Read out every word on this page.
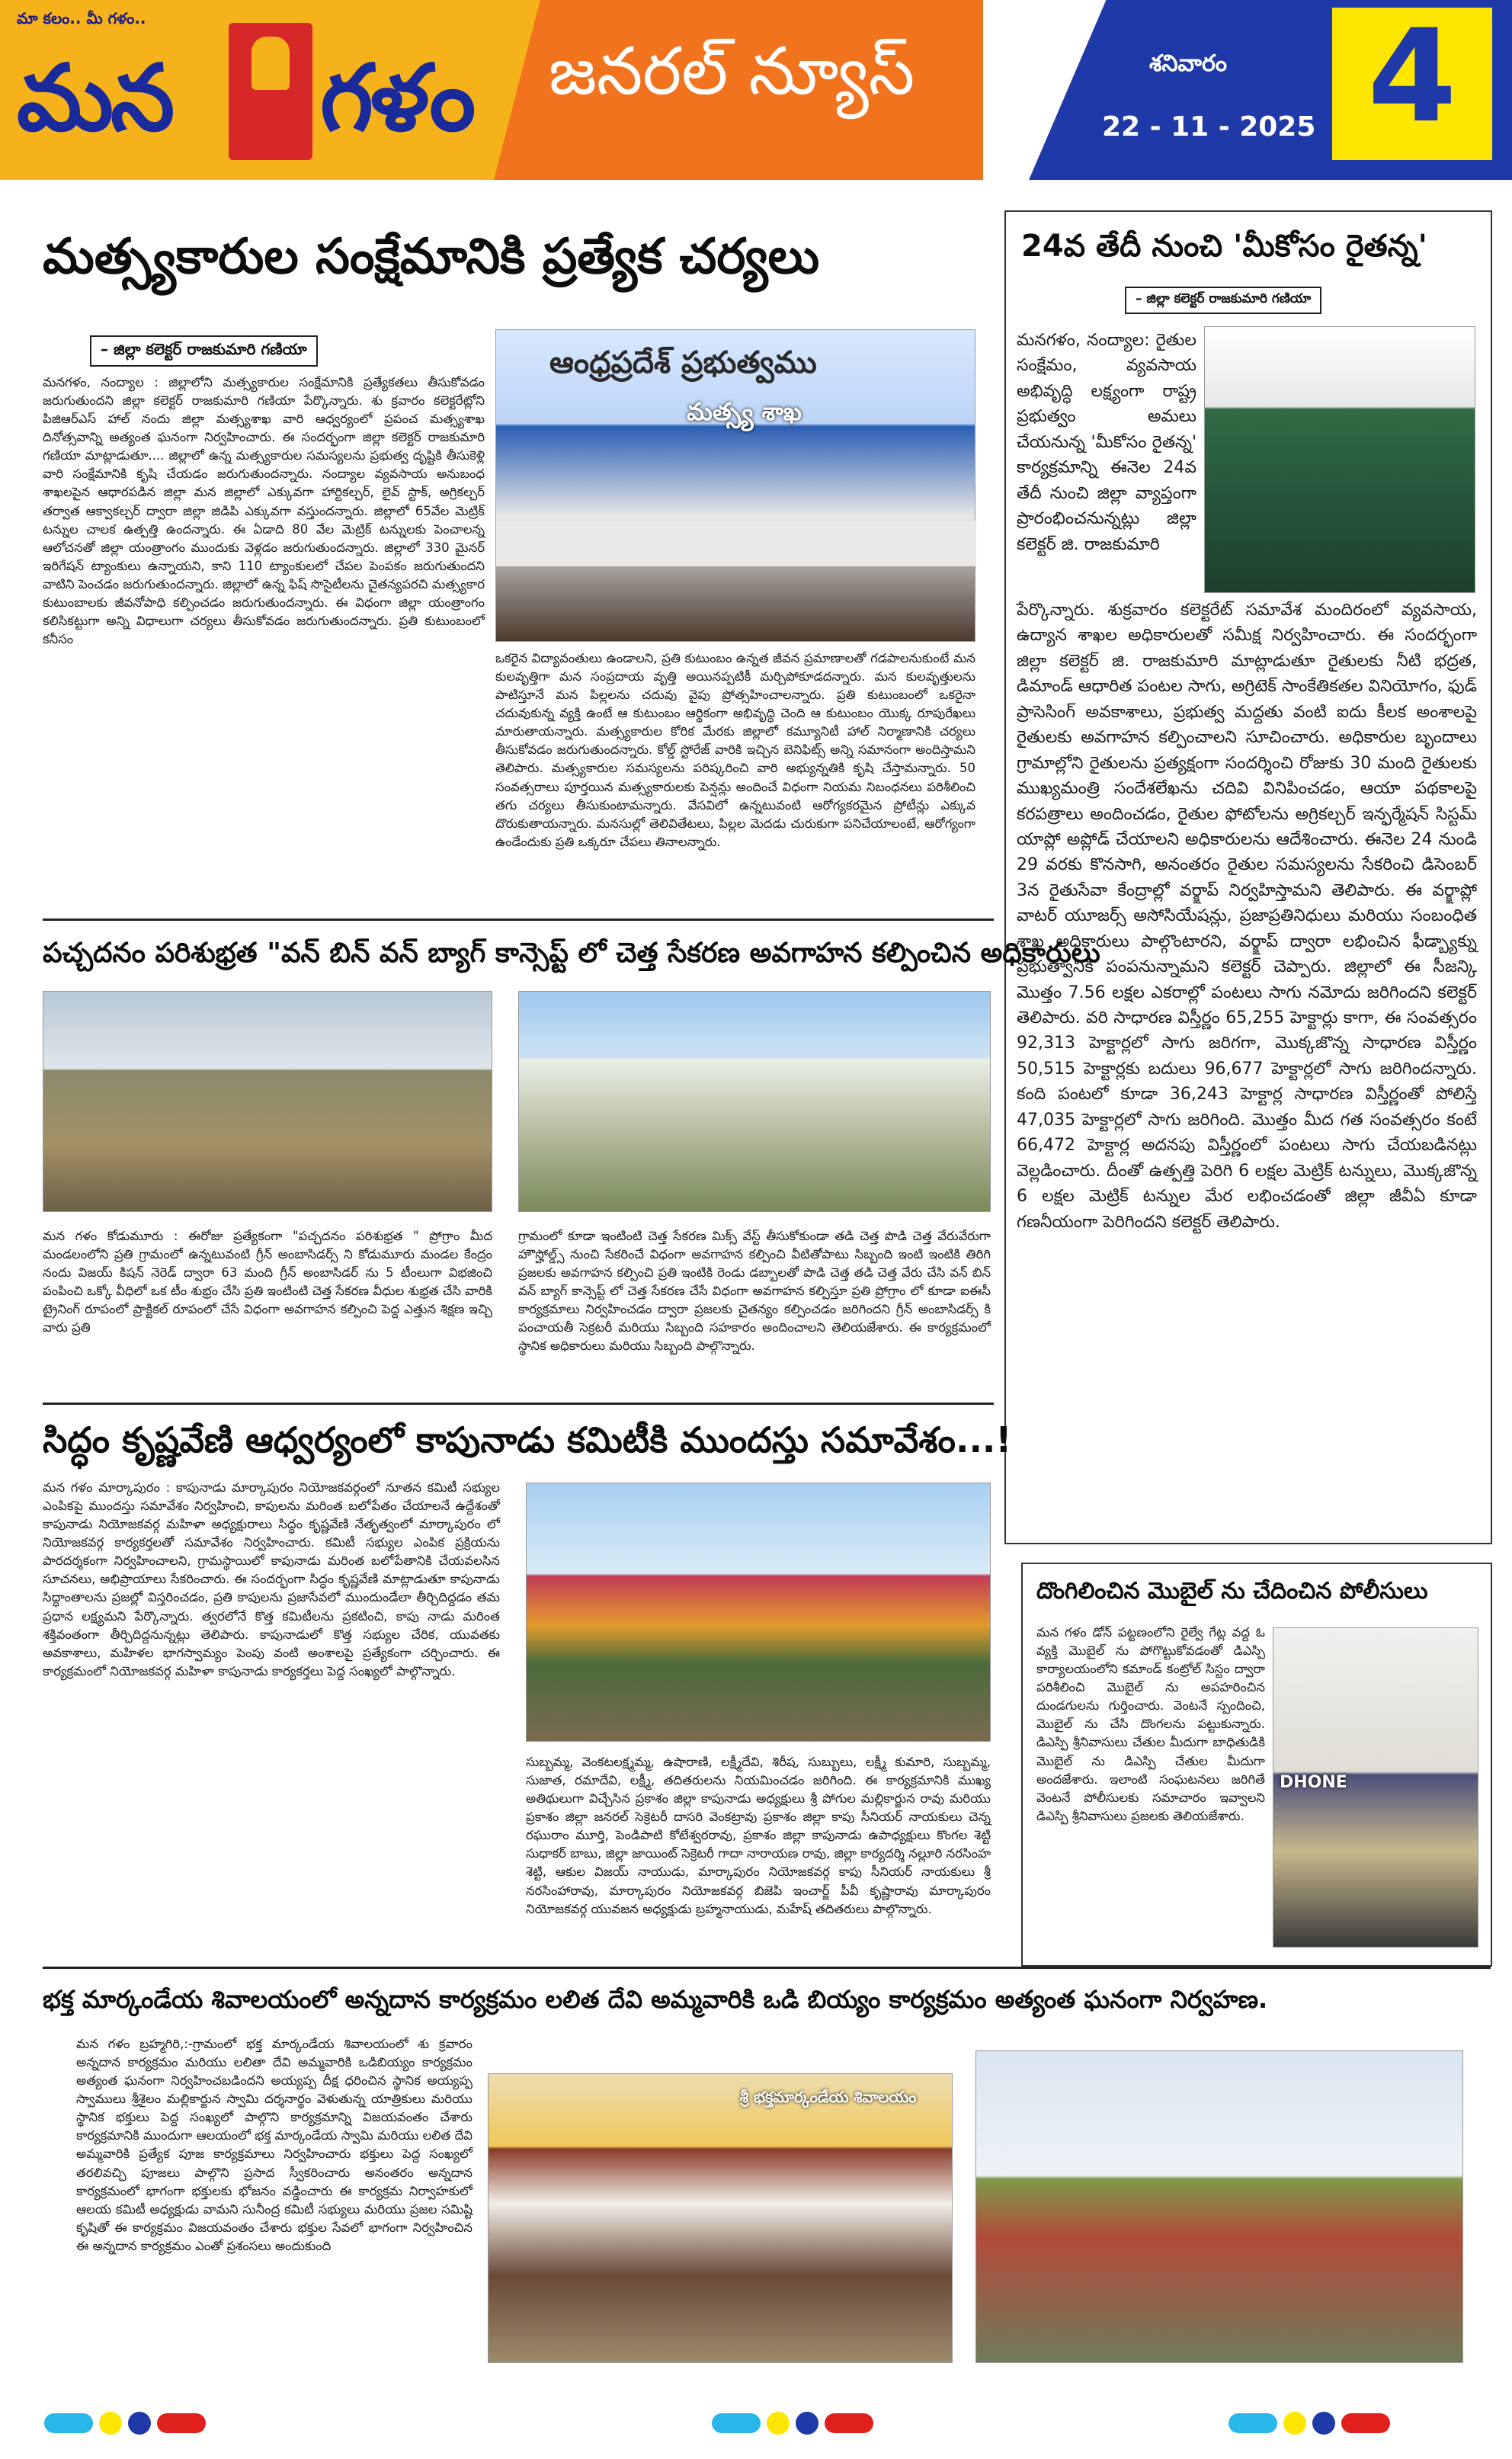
మా కలం.. మీ గళం..
మన గళం జనరల్ న్యూస్	శనివారం
22 - 11 - 2025 4
మత్స్యకారుల సంక్షేమానికి ప్రత్యేక చర్యలు
– జిల్లా కలెక్టర్ రాజకుమారి గణియా	ఆంధ్రప్రదేశ్ ప్రభుత్వము
మత్స్య శాఖ
మనగళం, నంద్యాల : జిల్లాలోని మత్స్యకారుల సంక్షేమానికి ప్రత్యేకతలు తీసుకోవడం జరుగుతుందని జిల్లా కలెక్టర్ రాజకుమారి గణియా పేర్కొన్నారు. శు క్రవారం కలెక్టరేట్లోని పిజిఆర్ఎస్ హాల్ నందు జిల్లా మత్స్యశాఖ వారి ఆధ్వర్యంలో ప్రపంచ మత్స్యశాఖ దినోత్సవాన్ని అత్యంత ఘనంగా నిర్వహించారు. ఈ సందర్భంగా జిల్లా కలెక్టర్ రాజకుమారి గణియా మాట్లాడుతూ.... జిల్లాలో ఉన్న మత్స్యకారుల సమస్యలను ప్రభుత్వ దృష్టికి తీసుకెళ్లి వారి సంక్షేమానికి కృషి చేయడం జరుగుతుందన్నారు. నంద్యాల వ్యవసాయ అనుబంధ శాఖలపైన ఆధారపడిన జిల్లా మన జిల్లాలో ఎక్కువగా హార్టికల్చర్, లైవ్ స్టాక్, అగ్రికల్చర్ తర్వాత ఆక్వాకల్చర్ ద్వారా జిల్లా జిడిపి ఎక్కువగా వస్తుందన్నారు. జిల్లాలో 65వేల మెట్రిక్ టన్నుల చాలక ఉత్పత్తి ఉందన్నారు. ఈ ఏడాది 80 వేల మెట్రిక్ టన్నులకు పెంచాలన్న ఆలోచనతో జిల్లా యంత్రాంగం ముందుకు వెళ్లడం జరుగుతుందన్నారు. జిల్లాలో 330 మైనర్ ఇరిగేషన్ ట్యాంకులు ఉన్నాయని, కాని 110 ట్యాంకులలో చేపల పెంపకం జరుగుతుందని వాటిని పెంచడం జరుగుతుందన్నారు. జిల్లాలో ఉన్న ఫిష్ సొసైటీలను చైతన్యపరచి మత్స్యకార కుటుంబాలకు జీవనోపాధి కల్పించడం జరుగుతుందన్నారు. ఈ విధంగా జిల్లా యంత్రాంగం కలిసికట్టుగా అన్ని విధాలుగా చర్యలు తీసుకోవడం జరుగుతుందన్నారు. ప్రతి కుటుంబంలో కనీసం
ఒకరైన విద్యావంతులు ఉండాలని, ప్రతి కుటుంబం ఉన్నత జీవన ప్రమాణాలతో గడపాలనుకుంటే మన కులవృత్తిగా మన సంప్రదాయ వృత్తి అయినప్పటికీ మర్చిపోకూడదన్నారు. మన కులవృత్తులను పాటిస్తూనే మన పిల్లలను చదువు వైపు ప్రోత్సహించాలన్నారు. ప్రతి కుటుంబంలో ఒకరైనా చదువుకున్న వ్యక్తి ఉంటే ఆ కుటుంబం ఆర్థికంగా అభివృద్ధి చెంది ఆ కుటుంబం యొక్క రూపురేఖలు మారుతాయన్నారు. మత్స్యకారుల కోరిక మేరకు జిల్లాలో కమ్యూనిటీ హాల్ నిర్మాణానికి చర్యలు తీసుకోవడం జరుగుతుందన్నారు. కోల్డ్ స్టోరేజ్ వారికి ఇచ్చిన బెనిఫిట్స్ అన్ని సమానంగా అందిస్తామని తెలిపారు. మత్స్యకారుల సమస్యలను పరిష్కరించి వారి అభ్యున్నతికి కృషి చేస్తామన్నారు. 50 సంవత్సరాలు పూర్తయిన మత్స్యకారులకు పెన్షన్లు అందించే విధంగా నియమ నిబంధనలు పరిశీలించి తగు చర్యలు తీసుకుంటామన్నారు. వేసవిలో ఉన్నటువంటి ఆరోగ్యకరమైన ప్రోటీన్లు ఎక్కువ దొరుకుతాయన్నారు. మనసుల్లో తెలివితేటలు, పిల్లల మెదడు చురుకుగా పనిచేయాలంటే, ఆరోగ్యంగా ఉండేందుకు ప్రతి ఒక్కరూ చేపలు తినాలన్నారు.
24వ తేదీ నుంచి 'మీకోసం రైతన్న'
– జిల్లా కలెక్టర్ రాజకుమారి గణియా
మనగళం, నంద్యాల: రైతుల సంక్షేమం, వ్యవసాయ అభివృద్ధి లక్ష్యంగా రాష్ట్ర ప్రభుత్వం అమలు చేయనున్న 'మీకోసం రైతన్న' కార్యక్రమాన్ని ఈనెల 24వ తేదీ నుంచి జిల్లా వ్యాప్తంగా ప్రారంభించనున్నట్లు జిల్లా కలెక్టర్ జి. రాజకుమారి
పేర్కొన్నారు. శుక్రవారం కలెక్టరేట్ సమావేశ మందిరంలో వ్యవసాయ, ఉద్యాన శాఖల అధికారులతో సమీక్ష నిర్వహించారు. ఈ సందర్భంగా జిల్లా కలెక్టర్ జి. రాజకుమారి మాట్లాడుతూ రైతులకు నీటి భద్రత, డిమాండ్ ఆధారిత పంటల సాగు, అగ్రిటెక్ సాంకేతికతల వినియోగం, ఫుడ్ ప్రాసెసింగ్ అవకాశాలు, ప్రభుత్వ మద్దతు వంటి ఐదు కీలక అంశాలపై రైతులకు అవగాహన కల్పించాలని సూచించారు. అధికారుల బృందాలు గ్రామాల్లోని రైతులను ప్రత్యక్షంగా సందర్శించి రోజుకు 30 మంది రైతులకు ముఖ్యమంత్రి సందేశలేఖను చదివి వినిపించడం, ఆయా పథకాలపై కరపత్రాలు అందించడం, రైతుల ఫోటోలను అగ్రికల్చర్ ఇన్ఫర్మేషన్ సిస్టమ్ యాప్లో అప్లోడ్ చేయాలని అధికారులను ఆదేశించారు. ఈనెల 24 నుండి 29 వరకు కొనసాగి, అనంతరం రైతుల సమస్యలను సేకరించి డిసెంబర్ 3న రైతుసేవా కేంద్రాల్లో వర్క్షాప్ నిర్వహిస్తామని తెలిపారు. ఈ వర్క్షాప్లో వాటర్ యూజర్స్ అసోసియేషన్లు, ప్రజాప్రతినిధులు మరియు సంబంధిత శాఖ అధికారులు పాల్గొంటారని, వర్క్షాప్ ద్వారా లభించిన ఫీడ్బ్యాక్ను ప్రభుత్వానికి పంపనున్నామని కలెక్టర్ చెప్పారు. జిల్లాలో ఈ సీజన్కి మొత్తం 7.56 లక్షల ఎకరాల్లో పంటలు సాగు నమోదు జరిగిందని కలెక్టర్ తెలిపారు. వరి సాధారణ విస్తీర్ణం 65,255 హెక్టార్లు కాగా, ఈ సంవత్సరం 92,313 హెక్టార్లలో సాగు జరిగగా, మొక్కజొన్న సాధారణ విస్తీర్ణం 50,515 హెక్టార్లకు బదులు 96,677 హెక్టార్లలో సాగు జరిగిందన్నారు. కంది పంటలో కూడా 36,243 హెక్టార్ల సాధారణ విస్తీర్ణంతో పోలిస్తే 47,035 హెక్టార్లలో సాగు జరిగింది. మొత్తం మీద గత సంవత్సరం కంటే 66,472 హెక్టార్ల అదనపు విస్తీర్ణంలో పంటలు సాగు చేయబడినట్లు వెల్లడించారు. దీంతో ఉత్పత్తి పెరిగి 6 లక్షల మెట్రిక్ టన్నులు, మొక్కజొన్న 6 లక్షల మెట్రిక్ టన్నుల మేర లభించడంతో జిల్లా జీవీఏ కూడా గణనీయంగా పెరిగిందని కలెక్టర్ తెలిపారు.
పచ్చదనం పరిశుభ్రత "వన్ బిన్ వన్ బ్యాగ్ కాన్సెప్ట్ లో చెత్త సేకరణ అవగాహన కల్పించిన అధికారులు
మన గళం కోడుమూరు : ఈరోజు ప్రత్యేకంగా "పచ్చదనం పరిశుభ్రత " ప్రోగ్రాం మీద మండలంలోని ప్రతి గ్రామంలో ఉన్నటువంటి గ్రీన్ అంబాసిడర్స్ ని కోడుమూరు మండల కేంద్రం నందు విజయ్ కిషన్ నెరెడ్ ద్వారా 63 మంది గ్రీన్ అంబాసిడర్ ను 5 టీంలుగా విభజించి పంపించి ఒక్కో వీధిలో ఒక టీం శుభ్రం చేసి ప్రతి ఇంటింటి చెత్త సేకరణ వీధుల శుభ్రత చేసి వారికి ట్రైనింగ్ రూపంలో ప్రాక్టికల్ రూపంలో చేసే విధంగా అవగాహన కల్పించి పెద్ద ఎత్తున శిక్షణ ఇచ్చి వారు ప్రతి
గ్రామంలో కూడా ఇంటింటి చెత్త సేకరణ మిక్స్ వేస్ట్ తీసుకోకుండా తడి చెత్త పొడి చెత్త వేరువేరుగా హౌస్హోల్డ్స్ నుంచి సేకరించే విధంగా అవగాహన కల్పించి వీటితోపాటు సిబ్బంది ఇంటి ఇంటికి తిరిగి ప్రజలకు అవగాహన కల్పించి ప్రతి ఇంటికి రెండు డబ్బాలతో పొడి చెత్త తడి చెత్త వేరు చేసి వన్ బిన్ వన్ బ్యాగ్ కాన్సెప్ట్ లో చెత్త సేకరణ చేసే విధంగా అవగాహన కల్పిస్తూ ప్రతి ప్రోగ్రాం లో కూడా ఐఈసీ కార్యక్రమాలు నిర్వహించడం ద్వారా ప్రజలకు చైతన్యం కల్పించడం జరిగిందని గ్రీన్ అంబాసిడర్స్ కి పంచాయతీ సెక్రటరీ మరియు సిబ్బంది సహకారం అందించాలని తెలియజేశారు. ఈ కార్యక్రమంలో స్థానిక అధికారులు మరియు సిబ్బంది పాల్గొన్నారు.
సిద్ధం కృష్ణవేణి ఆధ్వర్యంలో కాపునాడు కమిటీకి ముందస్తు సమావేశం...!
మన గళం మార్కాపురం : కాపునాడు మార్కాపురం నియోజకవర్గంలో నూతన కమిటీ సభ్యుల ఎంపికపై ముందస్తు సమావేశం నిర్వహించి, కాపులను మరింత బలోపేతం చేయాలనే ఉద్దేశంతో కాపునాడు నియోజకవర్గ మహిళా అధ్యక్షురాలు సిద్ధం కృష్ణవేణి నేతృత్వంలో మార్కాపురం లో నియోజకవర్గ కార్యకర్తలతో సమావేశం నిర్వహించారు. కమిటీ సభ్యుల ఎంపిక ప్రక్రియను పారదర్శకంగా నిర్వహించాలని, గ్రామస్థాయిలో కాపునాడు మరింత బలోపేతానికి చేయవలసిన సూచనలు, అభిప్రాయాలు సేకరించారు. ఈ సందర్భంగా సిద్ధం కృష్ణవేణి మాట్లాడుతూ కాపునాడు సిద్ధాంతాలను ప్రజల్లో విస్తరించడం, ప్రతి కాపులను ప్రజాసేవలో ముందుండేలా తీర్చిదిద్దడం తమ ప్రధాన లక్ష్యమని పేర్కొన్నారు. త్వరలోనే కొత్త కమిటీలను ప్రకటించి, కాపు నాడు మరింత శక్తివంతంగా తీర్చిదిద్దనున్నట్లు తెలిపారు. కాపునాడులో కొత్త సభ్యుల చేరిక, యువతకు అవకాశాలు, మహిళల భాగస్వామ్యం పెంపు వంటి అంశాలపై ప్రత్యేకంగా చర్చించారు. ఈ కార్యక్రమంలో నియోజకవర్గ మహిళా కాపునాడు కార్యకర్తలు పెద్ద సంఖ్యలో పాల్గొన్నారు.
సుబ్బమ్మ, వెంకటలక్ష్మమ్మ, ఉషారాణి, లక్ష్మీదేవి, శిరీష, సుబ్బులు, లక్ష్మీ కుమారి, సుబ్బమ్మ, సుజాత, రమాదేవి, లక్ష్మీ, తదితరులను నియమించడం జరిగింది. ఈ కార్యక్రమానికి ముఖ్య అతిథులుగా విచ్చేసిన ప్రకాశం జిల్లా కాపునాడు అధ్యక్షులు శ్రీ పోగుల మల్లికార్జున రావు మరియు ప్రకాశం జిల్లా జనరల్ సెక్రెటరీ దాసరి వెంకట్రావు ప్రకాశం జిల్లా కాపు సీనియర్ నాయకులు చెన్న రఘురాం మూర్తి, పెండిపాటి కోటేశ్వరరావు, ప్రకాశం జిల్లా కాపునాడు ఉపాధ్యక్షులు కొంగల శెట్టి సుధాకర్ బాబు, జిల్లా జాయింట్ సెక్రెటరీ గాదా నారాయణ రావు, జిల్లా కార్యదర్శి నల్లూరి నరసింహ శెట్టి, ఆకుల విజయ్ నాయుడు, మార్కాపురం నియోజకవర్గ కాపు సీనియర్ నాయకులు శ్రీ నరసింహారావు, మార్కాపురం నియోజకవర్గ బిజెపి ఇంచార్జ్ పీవీ కృష్ణారావు మార్కాపురం నియోజకవర్గ యువజన అధ్యక్షుడు బ్రహ్మనాయుడు, మహేష్ తదితరులు పాల్గొన్నారు.
దొంగిలించిన మొబైల్ ను చేదించిన పోలీసులు
మన గళం డోన్ పట్టణంలోని రైల్వే గేట్ల వద్ద ఓ వ్యక్తి మొబైల్ ను పోగొట్టుకోవడంతో డిఎస్పి కార్యాలయంలోని కమాండ్ కంట్రోల్ సిస్టం ద్వారా పరిశీలించి మొబైల్ ను అపహరించిన దుండగులను గుర్తించారు. వెంటనే స్పందించి, మొబైల్ ను చేసి దొంగలను పట్టుకున్నారు. డిఎస్పి శ్రీనివాసులు చేతుల మీదుగా బాధితుడికి మొబైల్ ను డిఎస్పి చేతుల మీదుగా అందజేశారు. ఇలాంటి సంఘటనలు జరిగితే వెంటనే పోలీసులకు సమాచారం ఇవ్వాలని డిఎస్పి శ్రీనివాసులు ప్రజలకు తెలియజేశారు.
DHONE
భక్త మార్కండేయ శివాలయంలో అన్నదాన కార్యక్రమం లలిత దేవి అమ్మవారికి ఒడి బియ్యం కార్యక్రమం అత్యంత ఘనంగా నిర్వహణ.
మన గళం బ్రహ్మగిరి,:-గ్రామంలో భక్త మార్కండేయ శివాలయంలో శు క్రవారం అన్నదాన కార్యక్రమం మరియు లలితా దేవి అమ్మవారికి ఒడిబియ్యం కార్యక్రమం అత్యంత ఘనంగా నిర్వహించబడిందని అయ్యప్ప దీక్ష ధరించిన స్థానిక అయ్యప్ప స్వాములు శ్రీశైలం మల్లికార్జున స్వామి దర్శనార్థం వెళుతున్న యాత్రికులు మరియు స్థానిక భక్తులు పెద్ద సంఖ్యలో పాల్గొని కార్యక్రమాన్ని విజయవంతం చేశారు కార్యక్రమానికి ముందుగా ఆలయంలో భక్త మార్కండేయ స్వామి మరియు లలిత దేవి అమ్మవారికి ప్రత్యేక పూజ కార్యక్రమాలు నిర్వహించారు భక్తులు పెద్ద సంఖ్యలో తరలివచ్చి పూజలు పాల్గొని ప్రసాద స్వీకరించారు అనంతరం అన్నదాన కార్యక్రమంలో భాగంగా భక్తులకు భోజనం వడ్డించారు ఈ కార్యక్రమ నిర్వాహకులో ఆలయ కమిటీ అధ్యక్షుడు వామని సునీంద్ర కమిటీ సభ్యులు మరియు ప్రజల సమిష్టి కృషితో ఈ కార్యక్రమం విజయవంతం చేశారు భక్తుల సేవలో భాగంగా నిర్వహించిన ఈ అన్నదాన కార్యక్రమం ఎంతో ప్రశంసలు అందుకుంది
శ్రీ భక్తమార్కండేయ శివాలయం
